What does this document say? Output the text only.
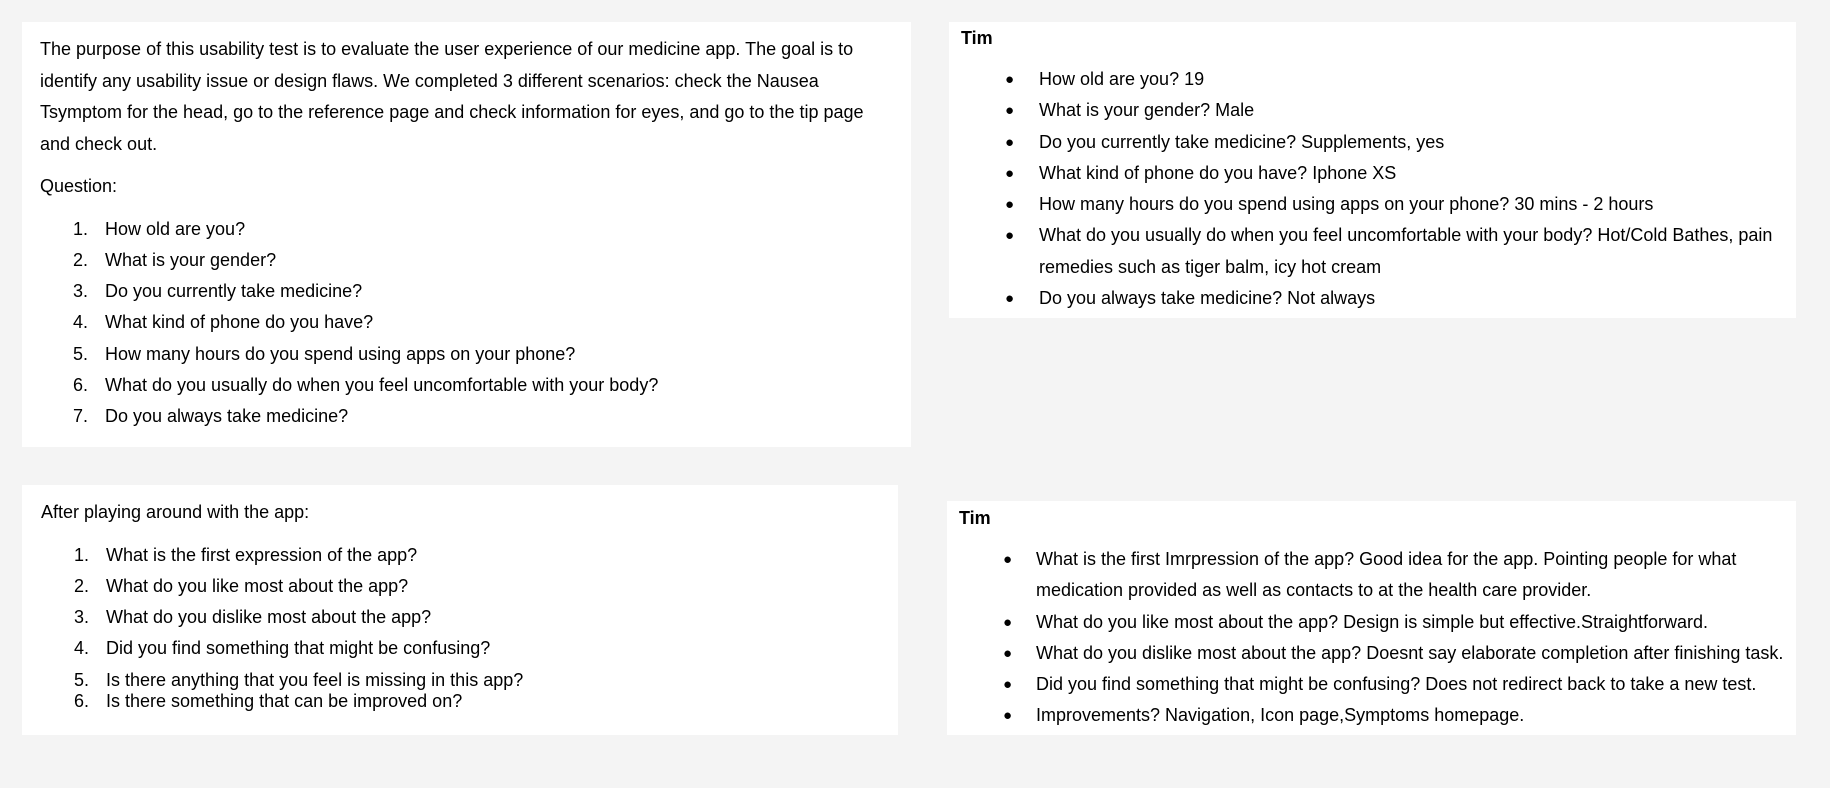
The purpose of this usability test is to evaluate the user experience of our medicine app. The goal is to identify any usability issue or design flaws. We completed 3 different scenarios: check the Nausea Tsymptom for the head, go to the reference page and check information for eyes, and go to the tip page and check out.

Question:

1. How old are you?
2. What is your gender?
3. Do you currently take medicine?
4. What kind of phone do you have?
5. How many hours do you spend using apps on your phone?
6. What do you usually do when you feel uncomfortable with your body?
7. Do you always take medicine?

Tim

● How old are you? 19
● What is your gender? Male
● Do you currently take medicine? Supplements, yes
● What kind of phone do you have? Iphone XS
● How many hours do you spend using apps on your phone? 30 mins - 2 hours
● What do you usually do when you feel uncomfortable with your body? Hot/Cold Bathes, pain remedies such as tiger balm, icy hot cream
● Do you always take medicine? Not always

After playing around with the app:

1. What is the first expression of the app?
2. What do you like most about the app?
3. What do you dislike most about the app?
4. Did you find something that might be confusing?
5. Is there anything that you feel is missing in this app?
6. Is there something that can be improved on?

Tim

● What is the first Imrpression of the app? Good idea for the app. Pointing people for what medication provided as well as contacts to at the health care provider.
● What do you like most about the app? Design is simple but effective.Straightforward.
● What do you dislike most about the app? Doesnt say elaborate completion after finishing task.
● Did you find something that might be confusing? Does not redirect back to take a new test.
● Improvements? Navigation, Icon page,Symptoms homepage.
